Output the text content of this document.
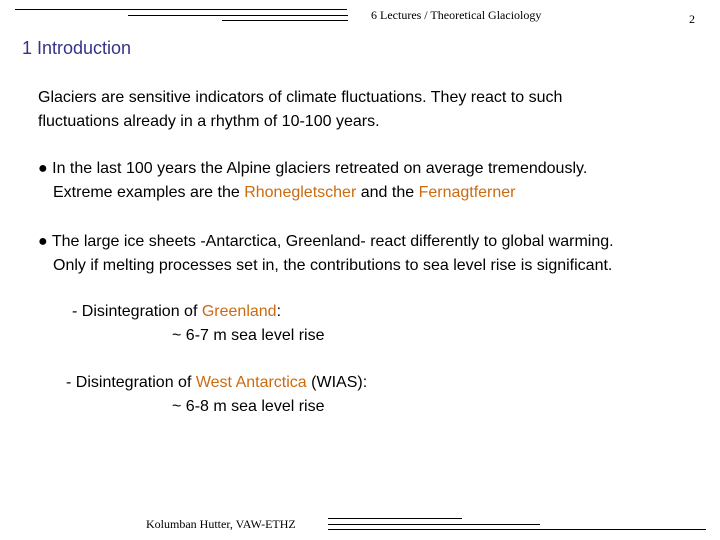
6 Lectures / Theoretical Glaciology	2
1 Introduction
Glaciers are sensitive indicators of climate fluctuations. They react to such
fluctuations already in a rhythm of 10-100 years.
● In the last 100 years the Alpine glaciers retreated on average tremendously.
Extreme examples are the Rhonegletscher and the Fernagtferner
● The large ice sheets -Antarctica, Greenland- react differently to global warming.
Only if melting processes set in, the contributions to sea level rise is significant.
- Disintegration of Greenland:
~ 6-7 m sea level rise
- Disintegration of West Antarctica (WIAS):
~ 6-8 m sea level rise
Kolumban Hutter, VAW-ETHZ
